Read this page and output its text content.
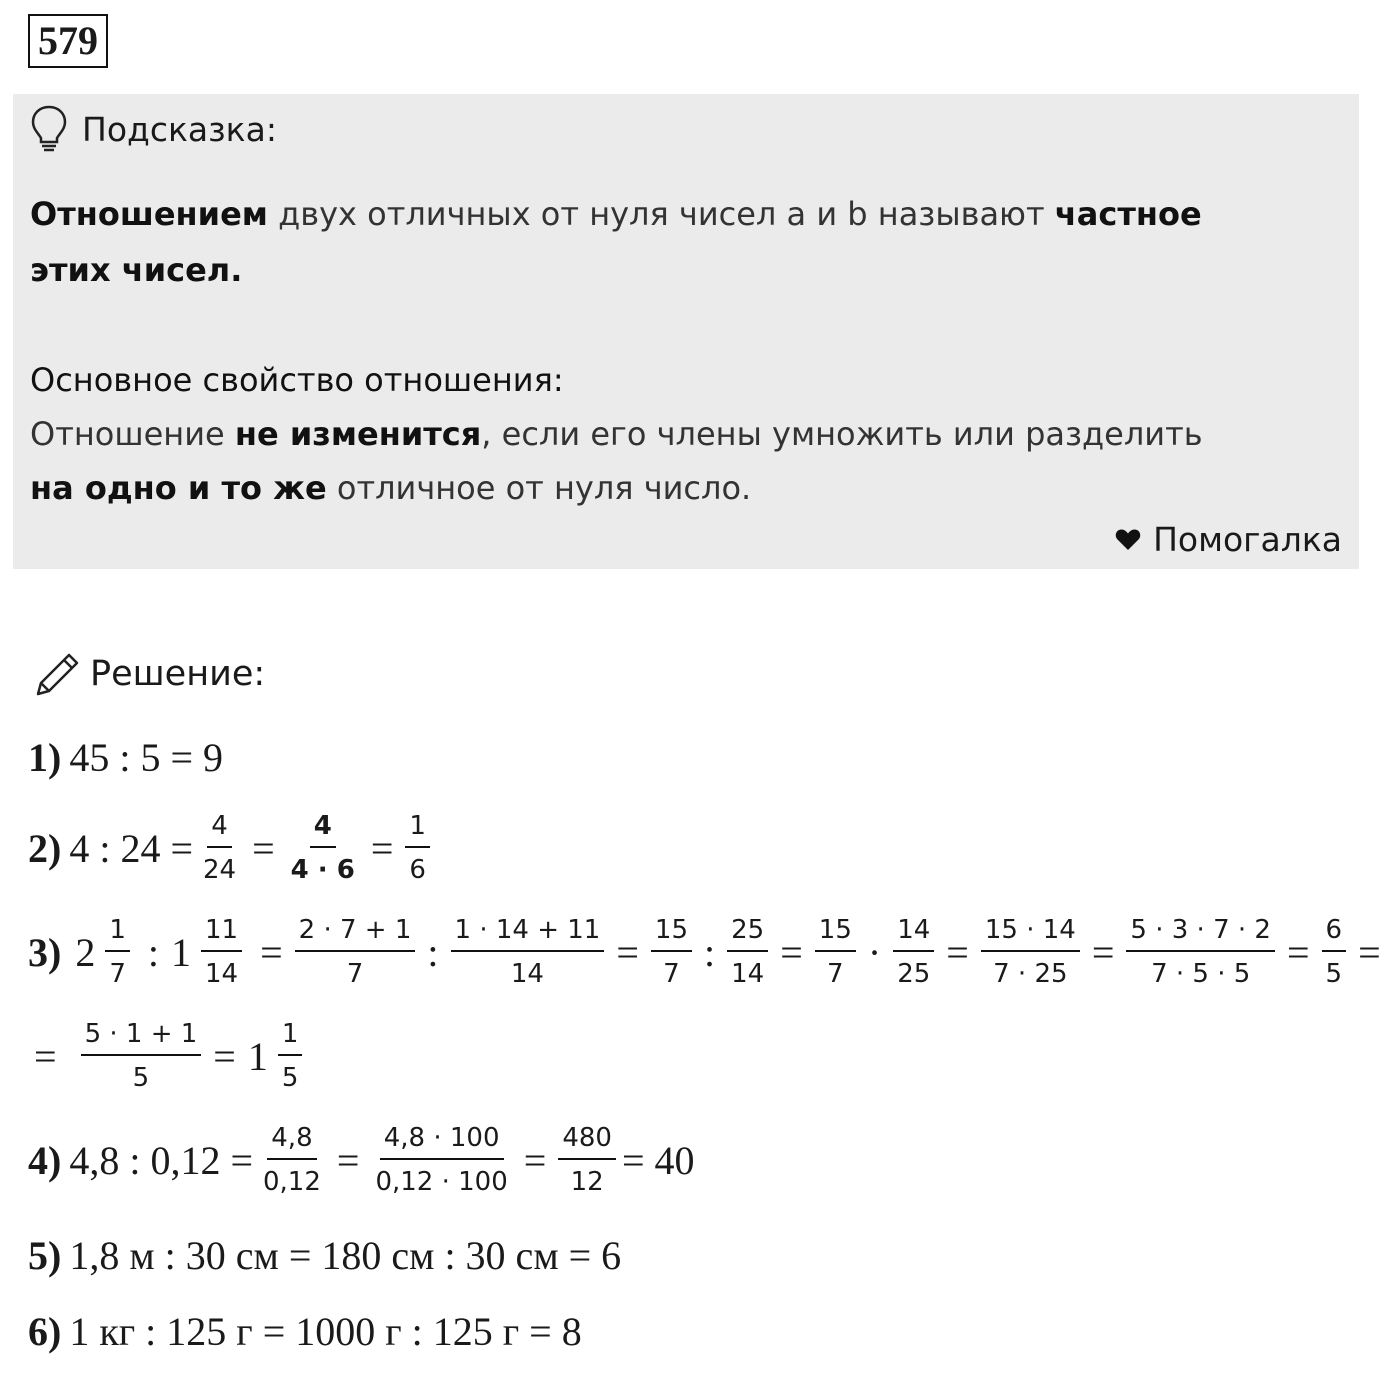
579
Подсказка:
Отношением двух отличных от нуля чисел a и b называют частное
этих чисел.
Основное свойство отношения:
Отношение не изменится, если его члены умножить или разделить
на одно и то же отличное от нуля число.
Помогалка
Решение:
1) 45 : 5 = 9
2) 4 : $24 = \frac{4}{24} = \frac{4}{4 \cdot 6} = \frac{1}{6}$
3) $2 \frac{1}{7}$ : $1 \frac{11}{14} = \frac{2 \cdot 7 + 1}{7}$ : $\frac{1 \cdot 14 + 11}{14} = \frac{15}{7}$ : $\frac{25}{14} = \frac{15}{7} \cdot \frac{14}{25} = \frac{15 \cdot 14}{7 \cdot 25} = \frac{5 \cdot 3 \cdot 7 \cdot 2}{7 \cdot 5 \cdot 5} = \frac{6}{5}$ =
= $\frac{5 \cdot 1 + 1}{5} = 1 \frac{1}{5}$
4) 4,8 : $0,12 = \frac{4,8}{0,12} = \frac{4,8 \cdot 100}{0,12 \cdot 100} = \frac{480}{12} = 40$
5) 1,8 м : 30 см = 180 см : 30 см = 6
6) 1 кг : 125 г = 1000 г : 125 г = 8
